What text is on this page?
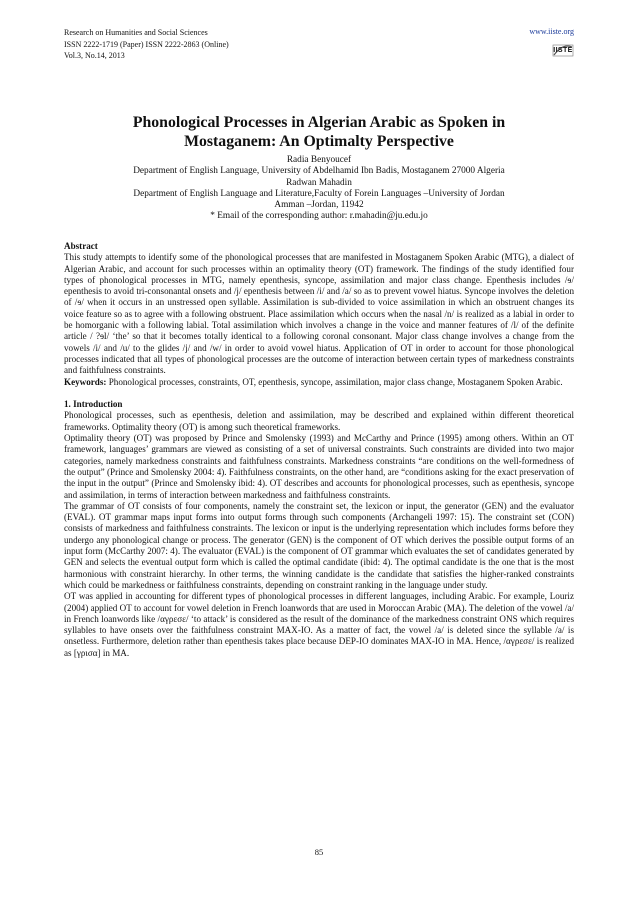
Research on Humanities and Social Sciences
ISSN 2222-1719 (Paper) ISSN 2222-2863 (Online)
Vol.3, No.14, 2013
www.iiste.org
IISTE
Phonological Processes in Algerian Arabic as Spoken in
Mostaganem: An Optimalty Perspective
Radia Benyoucef
Department of English Language, University of Abdelhamid Ibn Badis, Mostaganem 27000 Algeria
Radwan Mahadin
Department of English Language and Literature,Faculty of Forein Languages –University of Jordan
Amman –Jordan, 11942
* Email of the corresponding author: r.mahadin@ju.edu.jo
Abstract

This study attempts to identify some of the phonological processes that are manifested in Mostaganem Spoken Arabic (MTG), a dialect of Algerian Arabic, and account for such processes within an optimality theory (OT) framework. The findings of the study identified four types of phonological processes in MTG, namely epenthesis, syncope, assimilation and major class change. Epenthesis includes /ɘ/ epenthesis to avoid tri-consonantal onsets and /j/ epenthesis between /i/ and /a/ so as to prevent vowel hiatus. Syncope involves the deletion of /ɘ/ when it occurs in an unstressed open syllable. Assimilation is sub-divided to voice assimilation in which an obstruent changes its voice feature so as to agree with a following obstruent. Place assimilation which occurs when the nasal /n/ is realized as a labial in order to be homorganic with a following labial. Total assimilation which involves a change in the voice and manner features of /l/ of the definite article / ?ɘl/ ‘the’ so that it becomes totally identical to a following coronal consonant. Major class change involves a change from the vowels /i/ and /u/ to the glides /j/ and /w/ in order to avoid vowel hiatus. Application of OT in order to account for those phonological processes indicated that all types of phonological processes are the outcome of interaction between certain types of markedness constraints and faithfulness constraints.

Keywords: Phonological processes, constraints, OT, epenthesis, syncope, assimilation, major class change, Mostaganem Spoken Arabic.

1. Introduction

Phonological processes, such as epenthesis, deletion and assimilation, may be described and explained within different theoretical frameworks. Optimality theory (OT) is among such theoretical frameworks.

Optimality theory (OT) was proposed by Prince and Smolensky (1993) and McCarthy and Prince (1995) among others. Within an OT framework, languages’ grammars are viewed as consisting of a set of universal constraints. Such constraints are divided into two major categories, namely markedness constraints and faithfulness constraints. Markedness constraints “are conditions on the well-formedness of the output” (Prince and Smolensky 2004: 4). Faithfulness constraints, on the other hand, are “conditions asking for the exact preservation of the input in the output” (Prince and Smolensky ibid: 4). OT describes and accounts for phonological processes, such as epenthesis, syncope and assimilation, in terms of interaction between markedness and faithfulness constraints.

The grammar of OT consists of four components, namely the constraint set, the lexicon or input, the generator (GEN) and the evaluator (EVAL). OT grammar maps input forms into output forms through such components (Archangeli 1997: 15). The constraint set (CON) consists of markedness and faithfulness constraints. The lexicon or input is the underlying representation which includes forms before they undergo any phonological change or process. The generator (GEN) is the component of OT which derives the possible output forms of an input form (McCarthy 2007: 4). The evaluator (EVAL) is the component of OT grammar which evaluates the set of candidates generated by GEN and selects the eventual output form which is called the optimal candidate (ibid: 4). The optimal candidate is the one that is the most harmonious with constraint hierarchy. In other terms, the winning candidate is the candidate that satisfies the higher-ranked constraints which could be markedness or faithfulness constraints, depending on constraint ranking in the language under study.

OT was applied in accounting for different types of phonological processes in different languages, including Arabic. For example, Louriz (2004) applied OT to account for vowel deletion in French loanwords that are used in Moroccan Arabic (MA). The deletion of the vowel /a/ in French loanwords like /αγρεσε/ ‘to attack’ is considered as the result of the dominance of the markedness constraint ONS which requires syllables to have onsets over the faithfulness constraint MAX-IO. As a matter of fact, the vowel /a/ is deleted since the syllable /a/ is onsetless. Furthermore, deletion rather than epenthesis takes place because DEP-IO dominates MAX-IO in MA. Hence, /αγρεσε/ is realized as [γρισα] in MA.

85
